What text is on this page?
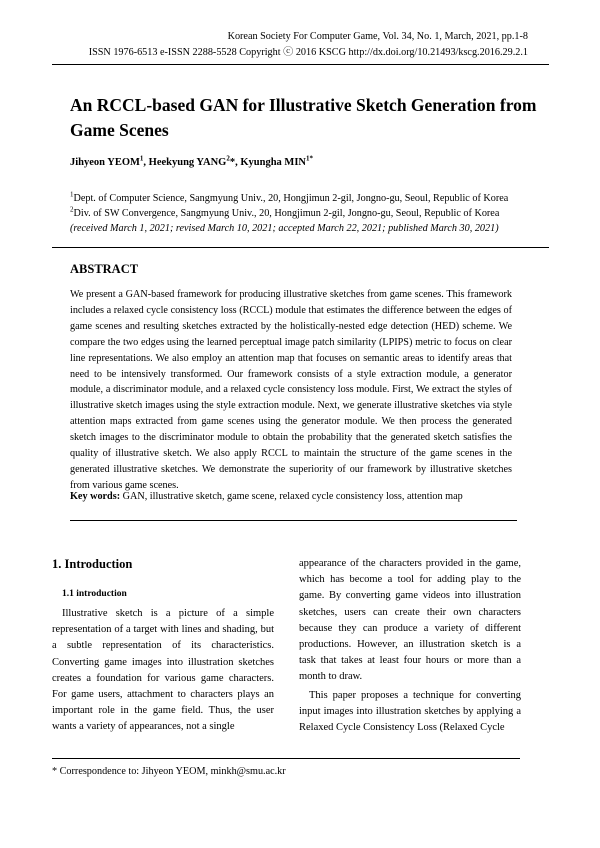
Korean Society For Computer Game, Vol. 34, No. 1, March, 2021, pp.1-8
ISSN 1976-6513 e-ISSN 2288-5528 Copyright ⓒ 2016 KSCG http://dx.doi.org/10.21493/kscg.2016.29.2.1
An RCCL-based GAN for Illustrative Sketch Generation from Game Scenes
Jihyeon YEOM$^1$, Heekyung YANG$^2$*, Kyungha $MIN^{1*}$
$^1$Dept. of Computer Science, Sangmyung Univ., 20, Hongjimun 2-gil, Jongno-gu, Seoul, Republic of Korea
$^2$Div. of SW Convergence, Sangmyung Univ., 20, Hongjimun 2-gil, Jongno-gu, Seoul, Republic of Korea
(received March 1, 2021; revised March 10, 2021; accepted March 22, 2021; published March 30, 2021)
ABSTRACT
We present a GAN-based framework for producing illustrative sketches from game scenes. This framework includes a relaxed cycle consistency loss (RCCL) module that estimates the difference between the edges of game scenes and resulting sketches extracted by the holistically-nested edge detection (HED) scheme. We compare the two edges using the learned perceptual image patch similarity (LPIPS) metric to focus on clear line representations. We also employ an attention map that focuses on semantic areas to identify areas that need to be intensively transformed. Our framework consists of a style extraction module, a generator module, a discriminator module, and a relaxed cycle consistency loss module. First, We extract the styles of illustrative sketch images using the style extraction module. Next, we generate illustrative sketches via style attention maps extracted from game scenes using the generator module. We then process the generated sketch images to the discriminator module to obtain the probability that the generated sketch satisfies the quality of illustrative sketch. We also apply RCCL to maintain the structure of the game scenes in the generated illustrative sketches. We demonstrate the superiority of our framework by illustrative sketches from various game scenes.
Key words: GAN, illustrative sketch, game scene, relaxed cycle consistency loss, attention map
1. Introduction
1.1 introduction

Illustrative sketch is a picture of a simple representation of a target with lines and shading, but a subtle representation of its characteristics. Converting game images into illustration sketches creates a foundation for various game characters. For game users, attachment to characters plays an important role in the game field. Thus, the user wants a variety of appearances, not a single

appearance of the characters provided in the game, which has become a tool for adding play to the game. By converting game videos into illustration sketches, users can create their own characters because they can produce a variety of different productions. However, an illustration sketch is a task that takes at least four hours or more than a month to draw.

This paper proposes a technique for converting input images into illustration sketches by applying a Relaxed Cycle Consistency Loss (Relaxed Cycle

* Correspondence to: Jihyeon YEOM, minkh@smu.ac.kr
